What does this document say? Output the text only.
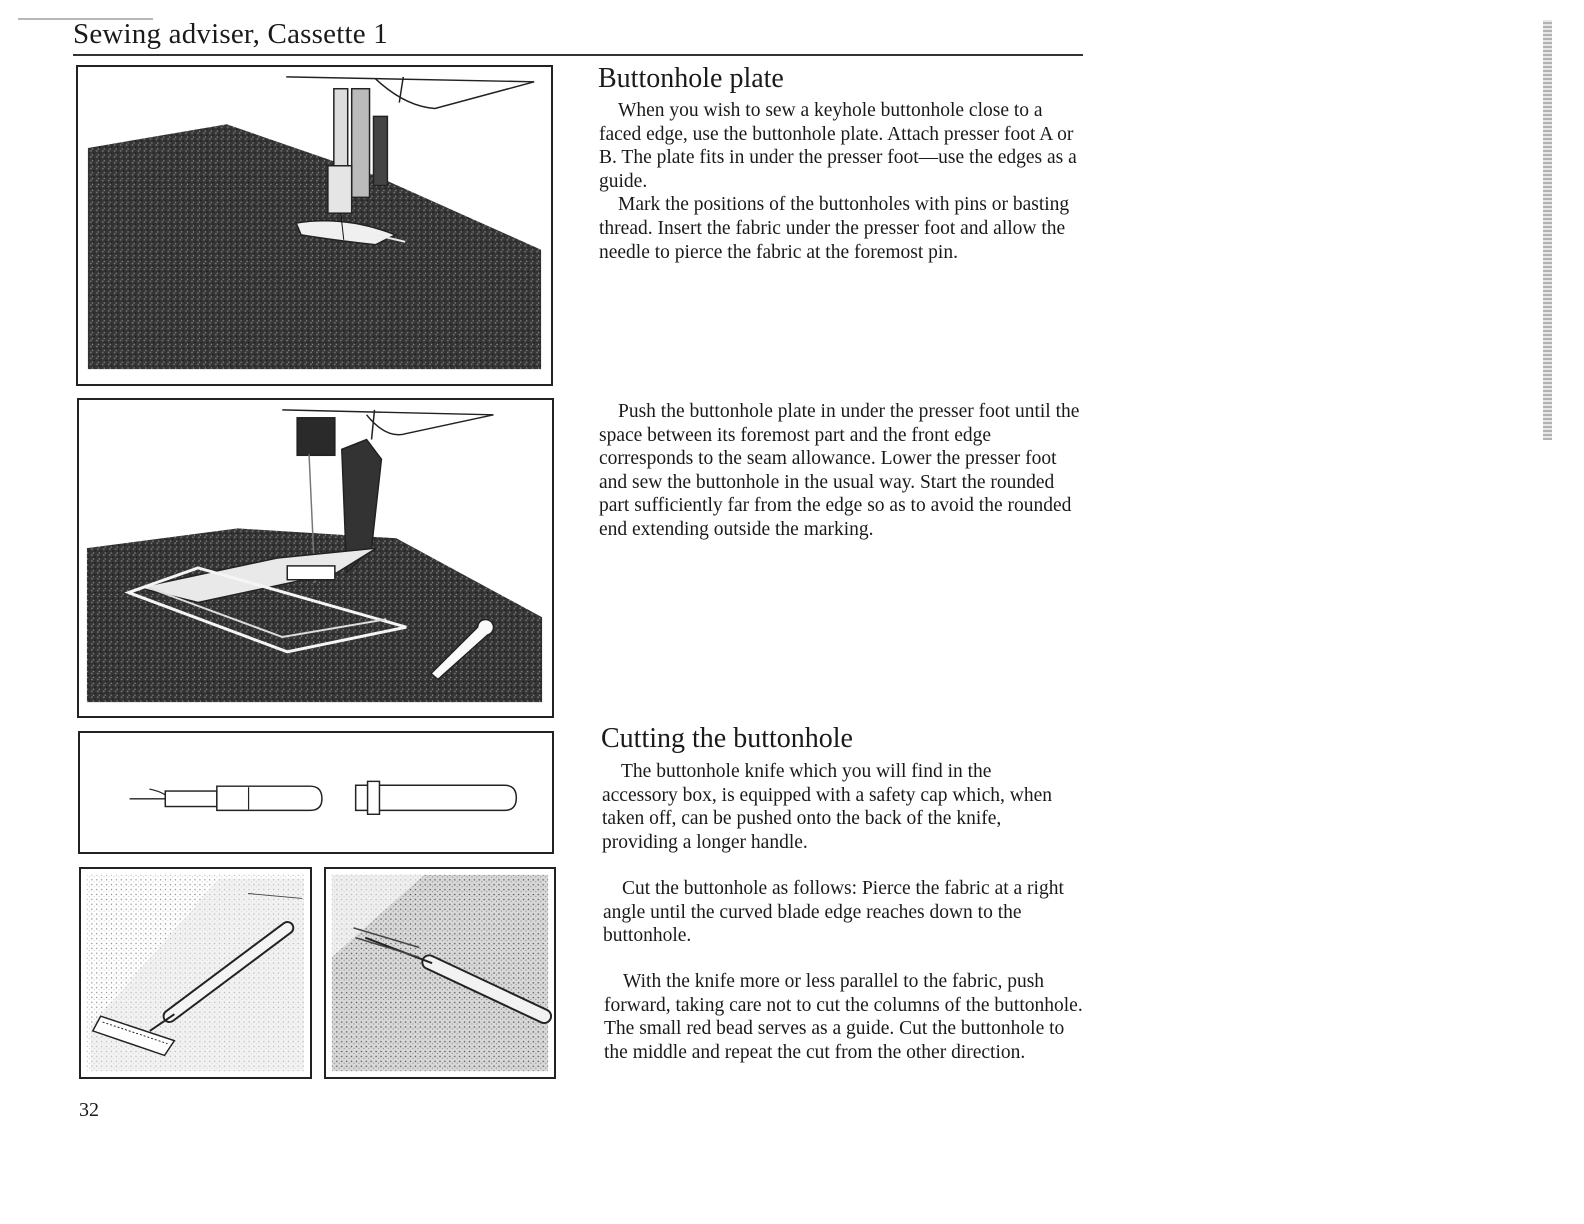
Sewing adviser, Cassette 1
Buttonhole plate

When you wish to sew a keyhole buttonhole close to a faced edge, use the buttonhole plate. Attach presser foot A or B. The plate fits in under the presser foot—use the edges as a guide.

Mark the positions of the buttonholes with pins or basting thread. Insert the fabric under the presser foot and allow the needle to pierce the fabric at the foremost pin.

Push the buttonhole plate in under the presser foot until the space between its foremost part and the front edge corresponds to the seam allowance. Lower the presser foot and sew the buttonhole in the usual way. Start the rounded part sufficiently far from the edge so as to avoid the rounded end extending outside the marking.

Cutting the buttonhole

The buttonhole knife which you will find in the accessory box, is equipped with a safety cap which, when taken off, can be pushed onto the back of the knife, providing a longer handle.

Cut the buttonhole as follows: Pierce the fabric at a right angle until the curved blade edge reaches down to the buttonhole.

With the knife more or less parallel to the fabric, push forward, taking care not to cut the columns of the buttonhole. The small red bead serves as a guide. Cut the buttonhole to the middle and repeat the cut from the other direction.

32
